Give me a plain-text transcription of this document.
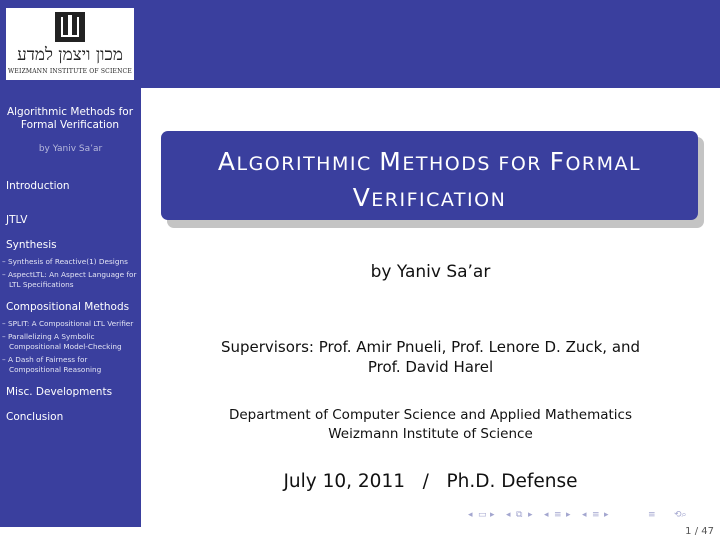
מכון ויצמן למדע
WEIZMANN INSTITUTE OF SCIENCE
Algorithmic Methods for
Formal Verification
by Yaniv Sa’ar
Introduction
JTLV
Synthesis
– Synthesis of Reactive(1) Designs
– AspectLTL: An Aspect Language for
LTL Specifications
Compositional Methods
– SPLIT: A Compositional LTL Verifier
– Parallelizing A Symbolic
Compositional Model-Checking
– A Dash of Fairness for
Compositional Reasoning
Misc. Developments
Conclusion
ALGORITHMIC METHODS FOR FORMAL
VERIFICATION
by Yaniv Sa’ar
Supervisors: Prof. Amir Pnueli, Prof. Lenore D. Zuck, and
Prof. David Harel
Department of Computer Science and Applied Mathematics
Weizmann Institute of Science
July 10, 2011   /   Ph.D. Defense
◂ ▭ ▸ ◂ ⧉ ▸ ◂ ≡ ▸ ◂ ≡ ▸	≡ ⟲⌕
1 / 47
